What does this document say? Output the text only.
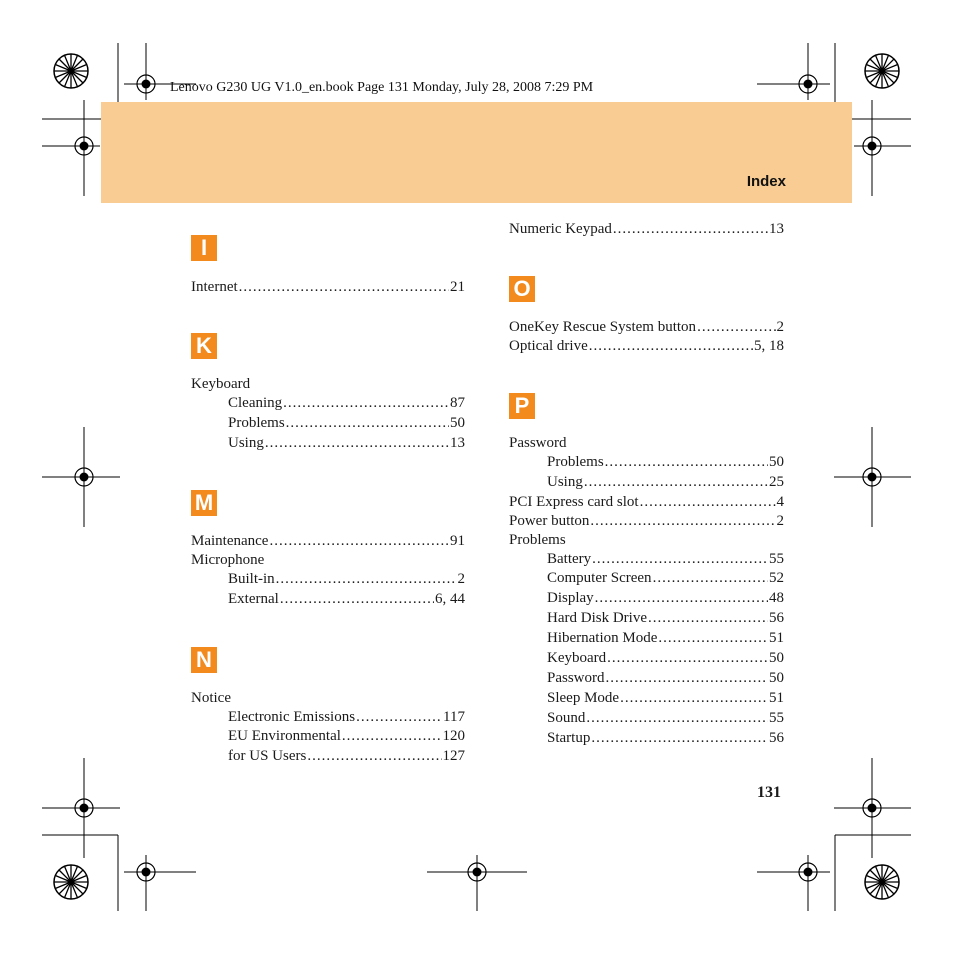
Lenovo G230 UG V1.0_en.book Page 131 Monday, July 28, 2008 7:29 PM
Index
I
Internet .....	21
K
Keyboard
Cleaning .....	87
Problems .....	50
Using .....	13
M
Maintenance .....	91
Microphone
Built-in .....	2
External .....	6, 44
N
Notice
Electronic Emissions .....	117
EU Environmental .....	120
for US Users .....	127
Numeric Keypad .....	13
O
OneKey Rescue System button .....	2
Optical drive .....	5, 18
P
Password
Problems .....	50
Using .....	25
PCI Express card slot .....	4
Power button .....	2
Problems
Battery .....	55
Computer Screen .....	52
Display .....	48
Hard Disk Drive .....	56
Hibernation Mode .....	51
Keyboard .....	50
Password .....	50
Sleep Mode .....	51
Sound .....	55
Startup .....	56
131
